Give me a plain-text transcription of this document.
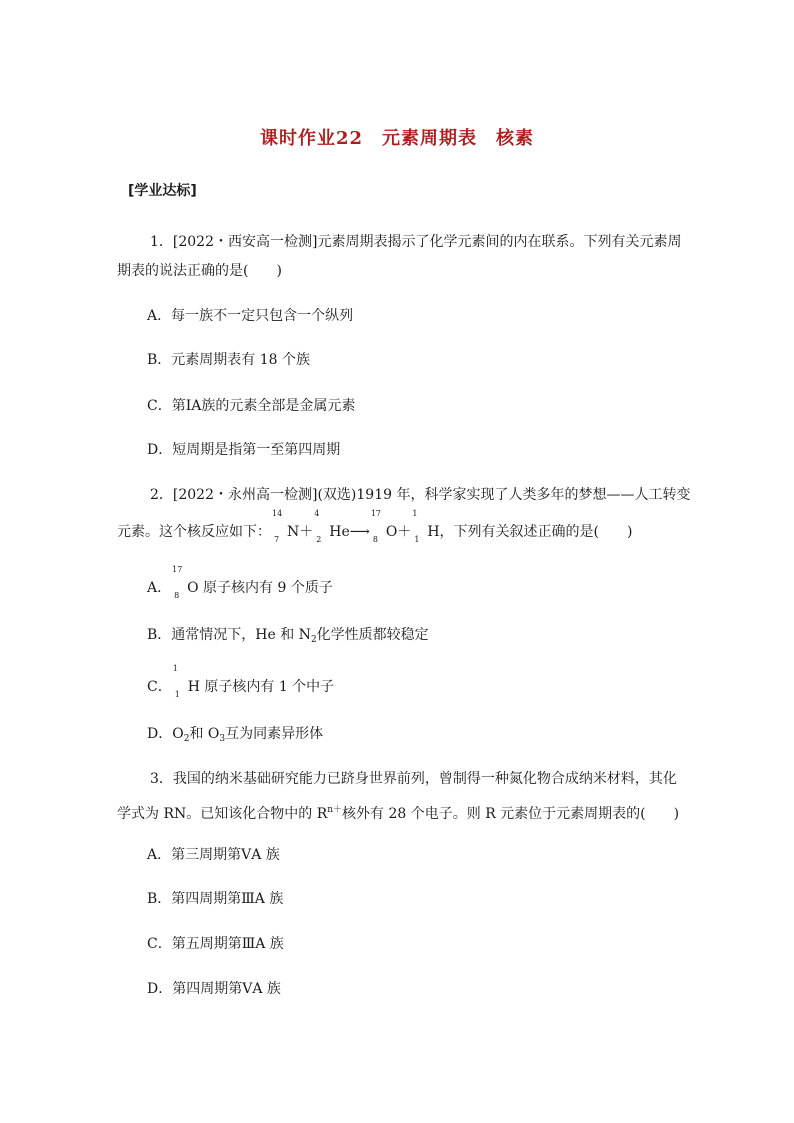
课时作业22　元素周期表　核素
[学业达标]
1．[2022・西安高一检测]元素周期表揭示了化学元素间的内在联系。下列有关元素周
期表的说法正确的是(　　)
A．每一族不一定只包含一个纵列
B．元素周期表有 18 个族
C．第ⅠA族的元素全部是金属元素
D．短周期是指第一至第四周期
2．[2022・永州高一检测](双选)1919 年，科学家实现了人类多年的梦想——人工转变
元素。这个核反应如下：
14
7 N＋
4
2 He⟶
17
8 O＋
1
1 H，下列有关叙述正确的是(　　)
A．
17
8 O 原子核内有 9 个质子
B．通常情况下，He 和 $N_2$化学性质都较稳定
C．
1
1 H 原子核内有 1 个中子
D．$O_2$和 $O_3$互为同素异形体
3．我国的纳米基础研究能力已跻身世界前列，曾制得一种氮化物合成纳米材料，其化
学式为 RN。已知该化合物中的 $R^{n+}$核外有 28 个电子。则 R 元素位于元素周期表的(　　)
A．第三周期第ⅤA 族
B．第四周期第ⅢA 族
C．第五周期第ⅢA 族
D．第四周期第ⅤA 族
